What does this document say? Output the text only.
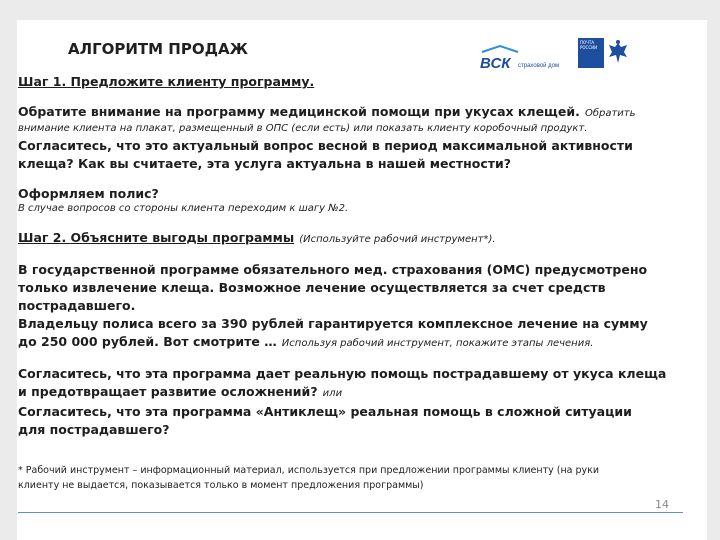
АЛГОРИТМ ПРОДАЖ
ВСК страховой дом
ПОЧТА РОССИИ

Шаг 1. Предложите клиенту программу.

Обратите внимание на программу медицинской помощи при укусах клещей. Обратить

внимание клиента на плакат, размещенный в ОПС (если есть) или показать клиенту коробочный продукт.

Согласитесь, что это актуальный вопрос весной в период максимальной активности

клеща? Как вы считаете, эта услуга актуальна в нашей местности?

Оформляем полис?

В случае вопросов со стороны клиента переходим к шагу №2.

Шаг 2. Объясните выгоды программы (Используйте рабочий инструмент*).

В государственной программе обязательного мед. страхования (ОМС) предусмотрено

только извлечение клеща. Возможное лечение осуществляется за счет средств

пострадавшего.

Владельцу полиса всего за 390 рублей гарантируется комплексное лечение на сумму

до 250 000 рублей. Вот смотрите … Используя рабочий инструмент, покажите этапы лечения.

Согласитесь, что эта программа дает реальную помощь пострадавшему от укуса клеща

и предотвращает развитие осложнений? или

Согласитесь, что эта программа «Антиклещ» реальная помощь в сложной ситуации

для пострадавшего?

* Рабочий инструмент – информационный материал, используется при предложении программы клиенту (на руки
клиенту не выдается, показывается только в момент предложения программы)
14
